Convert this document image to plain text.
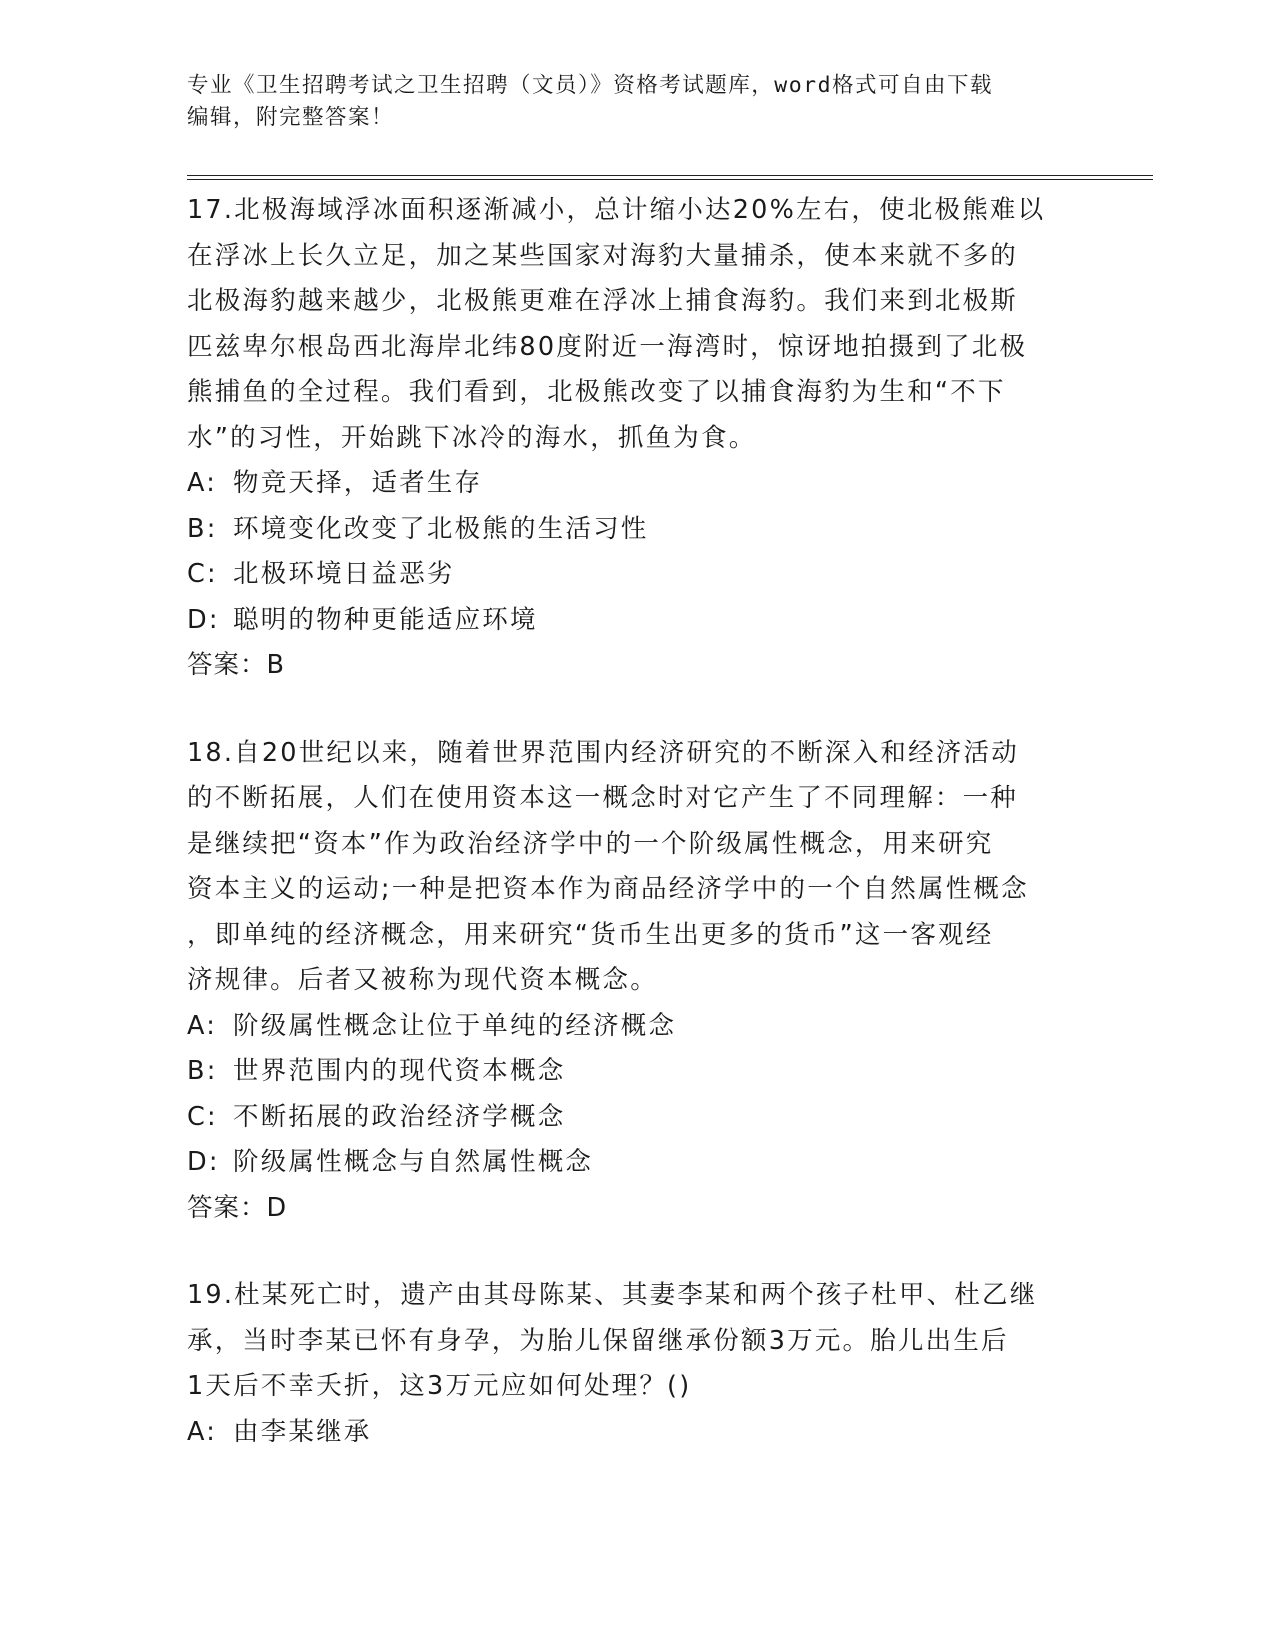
专业《卫生招聘考试之卫生招聘（文员）》资格考试题库，word格式可自由下载
编辑，附完整答案！
17.北极海域浮冰面积逐渐减小，总计缩小达20%左右，使北极熊难以
在浮冰上长久立足，加之某些国家对海豹大量捕杀，使本来就不多的
北极海豹越来越少，北极熊更难在浮冰上捕食海豹。我们来到北极斯
匹兹卑尔根岛西北海岸北纬80度附近一海湾时，惊讶地拍摄到了北极
熊捕鱼的全过程。我们看到，北极熊改变了以捕食海豹为生和“不下
水”的习性，开始跳下冰冷的海水，抓鱼为食。
A: 物竞天择，适者生存
B: 环境变化改变了北极熊的生活习性
C: 北极环境日益恶劣
D: 聪明的物种更能适应环境
答案：B
18.自20世纪以来，随着世界范围内经济研究的不断深入和经济活动
的不断拓展，人们在使用资本这一概念时对它产生了不同理解：一种
是继续把“资本”作为政治经济学中的一个阶级属性概念，用来研究
资本主义的运动;一种是把资本作为商品经济学中的一个自然属性概念
，即单纯的经济概念，用来研究“货币生出更多的货币”这一客观经
济规律。后者又被称为现代资本概念。
A: 阶级属性概念让位于单纯的经济概念
B: 世界范围内的现代资本概念
C: 不断拓展的政治经济学概念
D: 阶级属性概念与自然属性概念
答案：D
19.杜某死亡时，遗产由其母陈某、其妻李某和两个孩子杜甲、杜乙继
承，当时李某已怀有身孕，为胎儿保留继承份额3万元。胎儿出生后
1天后不幸夭折，这3万元应如何处理？()
A: 由李某继承
